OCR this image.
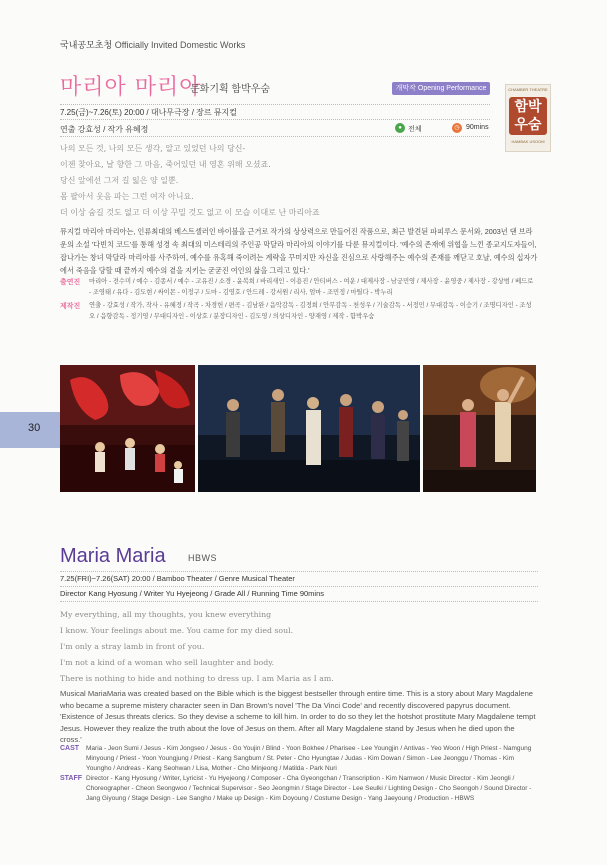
국내공모초청 Officially Invited Domestic Works
마리아 마리아
문화기획 함박우숨	개막작 Opening Performance	CHAMBER THEATRE
함박우숨
HAMBAK USOOM
7.25(금)~7.26(토) 20:00 / 대나무극장 / 장르 뮤지컬
연출 강효성 / 작가 유혜정	● 전체	◷ 90mins
나의 모든 것, 나의 모든 생각, 알고 있었던 나의 당신-
이젠 찾아요, 날 향한 그 마음, 죽어있던 내 영혼 위해 오셨죠.
당신 앞에선 그저 길 잃은 양 일뿐.
몸 팔아서 웃음 파는 그런 여자 아니요.
더 이상 숨길 것도 없고 더 이상 꾸밀 것도 없고 이 모습 이대로 난 마리아죠
뮤지컬 마리아 마리아는, 인류최대의 베스트셀러인 바이블을 근거로 작가의 상상력으로 만들어진 작품으로, 최근 발견된 파피루스 문서와, 2003년 댄 브라운의 소설 '다빈치 코드'를 통해 성경 속 최대의 미스테리의 주인공 막달라 마리아의 이야기를 다룬 뮤지컬이다. '예수의 존재에 위협을 느낀 종교지도자들이, 잡나가는 창녀 막달라 마리아를 사주하여, 예수를 유혹해 죽이려는 계략을 꾸미지만 자신을 진심으로 사랑해주는 예수의 존재를 깨닫고 호날, 예수의 십자가에서 죽음을 당할 때 끝까지 예수의 곁을 지키는 굳굳진 여인의 삶을 그리고 있다.'
출연진 마리아 - 전수미 / 예수 - 김종서 / 예수 - 고유진 / 소경 - 윤복희 / 바리새인 - 이용진 / 안티버스 - 여운 / 대제사장 - 남궁민영 / 제사장 - 윤영중 / 제사장 - 강상범 / 베드로 - 조영태 / 유다 - 김도현 / 싸이몬 - 이정구 / 도마 - 김영호 / 안드레 - 강서원 / 리사, 엄마 - 조민정 / 마틸다 - 박누리
제작진 연출 - 강효성 / 작가, 작사 - 유혜정 / 작곡 - 차경헌 / 편곡 - 김남완 / 음악감독 - 김정희 / 안무감독 - 천성우 / 기술감독 - 서정민 / 무대감독 - 이승기 / 조명디자인 - 조성오 / 음향감독 - 정기영 / 무대디자인 - 이상호 / 분장디자인 - 김도영 / 의상디자인 - 양재영 / 제작 - 함박우숨
30
Maria Maria HBWS
7.25(FRI)~7.26(SAT) 20:00 / Bamboo Theater / Genre Musical Theater
Director Kang Hyosung / Writer Yu Hyejeong / Grade All / Running Time 90mins
My everything, all my thoughts, you knew everything
I know. Your feelings about me. You came for my died soul.
I'm only a stray lamb in front of you.
I'm not a kind of a woman who sell laughter and body.
There is nothing to hide and nothing to dress up. I am Maria as I am.
Musical MariaMaria was created based on the Bible which is the biggest bestseller through entire time. This is a story about Mary Magdalene who became a supreme mistery character seen in Dan Brown's novel 'The Da Vinci Code' and recently discovered papyrus document. 'Existence of Jesus threats clerics. So they devise a scheme to kill him. In order to do so they let the hotshot prostitute Mary Magdalene tempt Jesus. However they realize the truth about the love of Jesus on them. After all Mary Magdalene stand by Jesus when he died upon the cross.'
CAST Maria - Jeon Sumi / Jesus - Kim Jongseo / Jesus - Go Youjin / Blind - Yoon Bokhee / Pharisee - Lee Youngjin / Antivas - Yeo Woon / High Priest - Namgung Minyoung / Priest - Yoon Youngjung / Priest - Kang Sangbum / St. Peter - Cho Hyungtae / Judas - Kim Dowan / Simon - Lee Jeonggu / Thomas - Kim Youngho / Andreas - Kang Seohwan / Lisa, Mother - Cho Minjeong / Matilda - Park Nuri
STAFF Director - Kang Hyosung / Writer, Lyricist - Yu Hyejeong / Composer - Cha Gyeongchan / Transcription - Kim Namwon / Music Director - Kim Jeongli / Choreographer - Cheon Seongwoo / Technical Supervisor - Seo Jeongmin / Stage Director - Lee Seulki / Lighting Design - Cho Seongoh / Sound Director - Jang Giyoung / Stage Design - Lee Sangho / Make up Design - Kim Doyoung / Costume Design - Yang Jaeyoung / Production - HBWS
